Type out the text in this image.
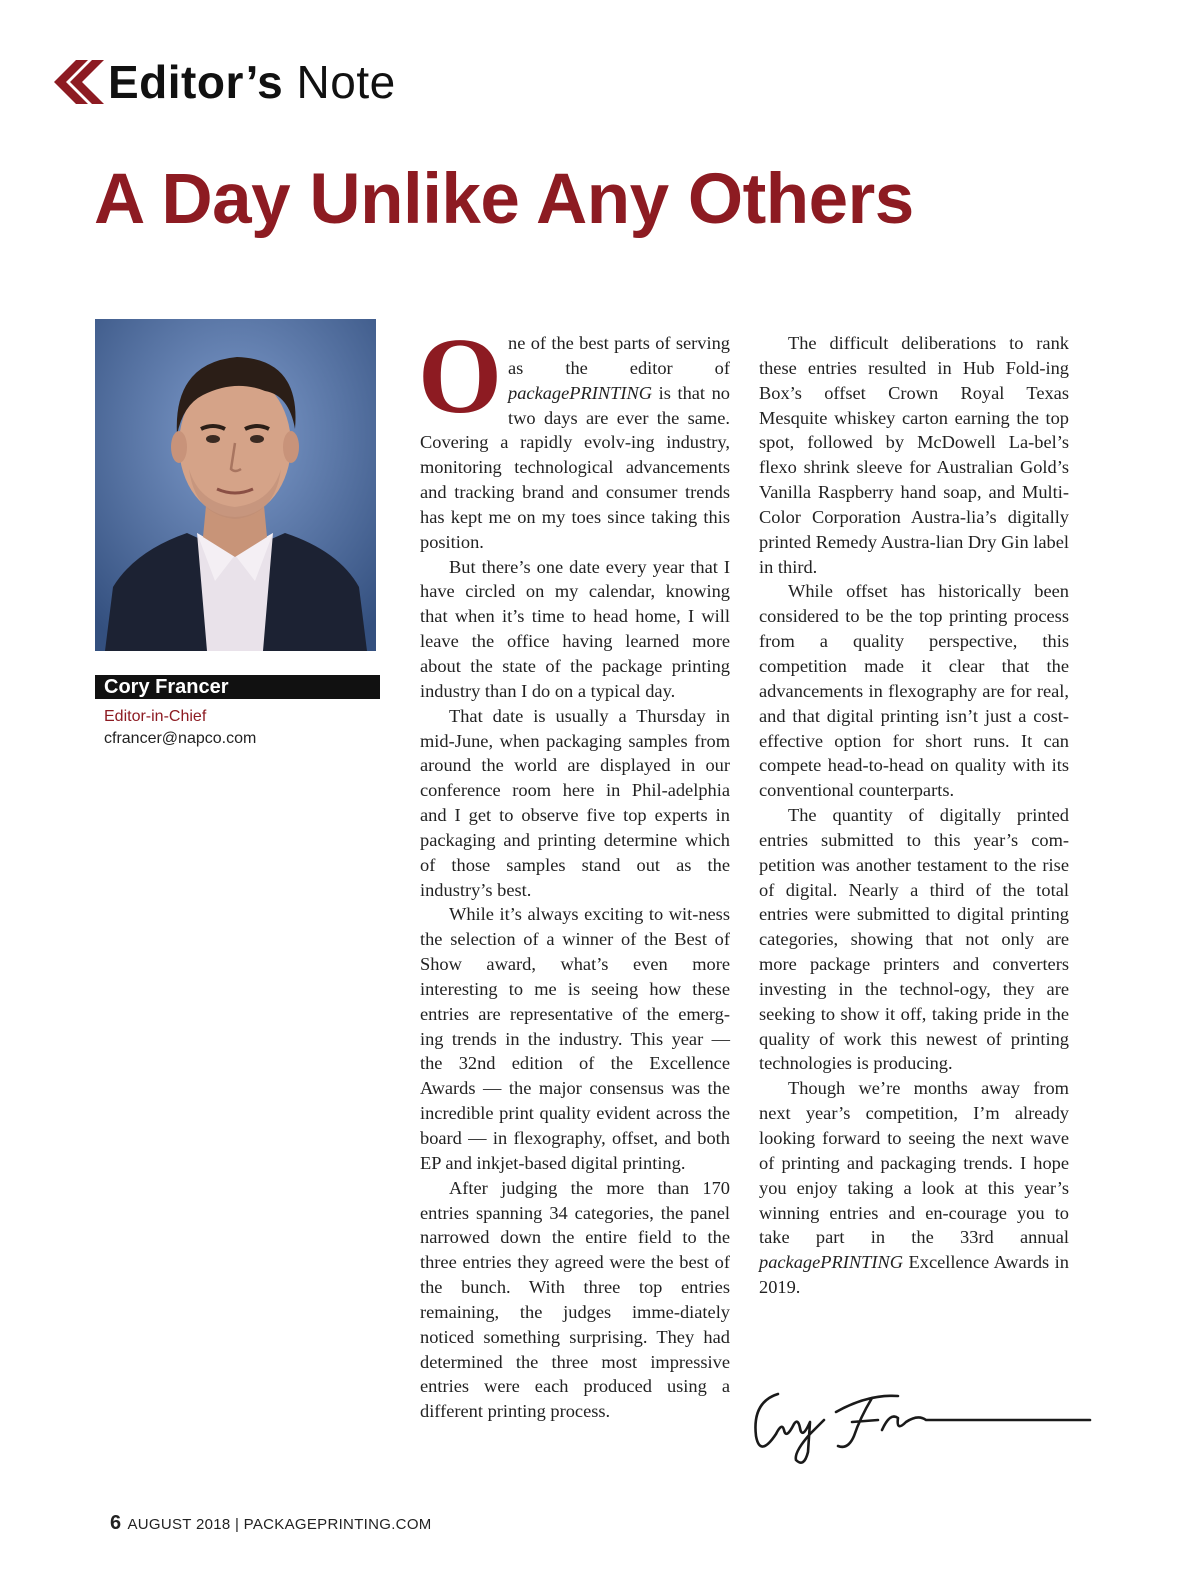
Editor’s Note
A Day Unlike Any Others
Cory Francer
Editor-in-Chief
cfrancer@napco.com

One of the best parts of serving as the editor of packagePRINTING is that no two days are ever the same. Covering a rapidly evolv-ing industry, monitoring technological advancements and tracking brand and consumer trends has kept me on my toes since taking this position.

But there’s one date every year that I have circled on my calendar, knowing that when it’s time to head home, I will leave the office having learned more about the state of the package printing industry than I do on a typical day.

That date is usually a Thursday in mid-June, when packaging samples from around the world are displayed in our conference room here in Phil-adelphia and I get to observe five top experts in packaging and printing determine which of those samples stand out as the industry’s best.

While it’s always exciting to wit-ness the selection of a winner of the Best of Show award, what’s even more interesting to me is seeing how these entries are representative of the emerg-ing trends in the industry. This year — the 32nd edition of the Excellence Awards — the major consensus was the incredible print quality evident across the board — in flexography, offset, and both EP and inkjet-based digital printing.

After judging the more than 170 entries spanning 34 categories, the panel narrowed down the entire field to the three entries they agreed were the best of the bunch. With three top entries remaining, the judges imme-diately noticed something surprising. They had determined the three most impressive entries were each produced using a different printing process.

The difficult deliberations to rank these entries resulted in Hub Fold-ing Box’s offset Crown Royal Texas Mesquite whiskey carton earning the top spot, followed by McDowell La-bel’s flexo shrink sleeve for Australian Gold’s Vanilla Raspberry hand soap, and Multi-Color Corporation Austra-lia’s digitally printed Remedy Austra-lian Dry Gin label in third.

While offset has historically been considered to be the top printing process from a quality perspective, this competition made it clear that the advancements in flexography are for real, and that digital printing isn’t just a cost-effective option for short runs. It can compete head-to-head on quality with its conventional counterparts.

The quantity of digitally printed entries submitted to this year’s com-petition was another testament to the rise of digital. Nearly a third of the total entries were submitted to digital printing categories, showing that not only are more package printers and converters investing in the technol-ogy, they are seeking to show it off, taking pride in the quality of work this newest of printing technologies is producing.

Though we’re months away from next year’s competition, I’m already looking forward to seeing the next wave of printing and packaging trends. I hope you enjoy taking a look at this year’s winning entries and en-courage you to take part in the 33rd annual packagePRINTING Excellence Awards in 2019.

6 AUGUST 2018 | PACKAGEPRINTING.COM
